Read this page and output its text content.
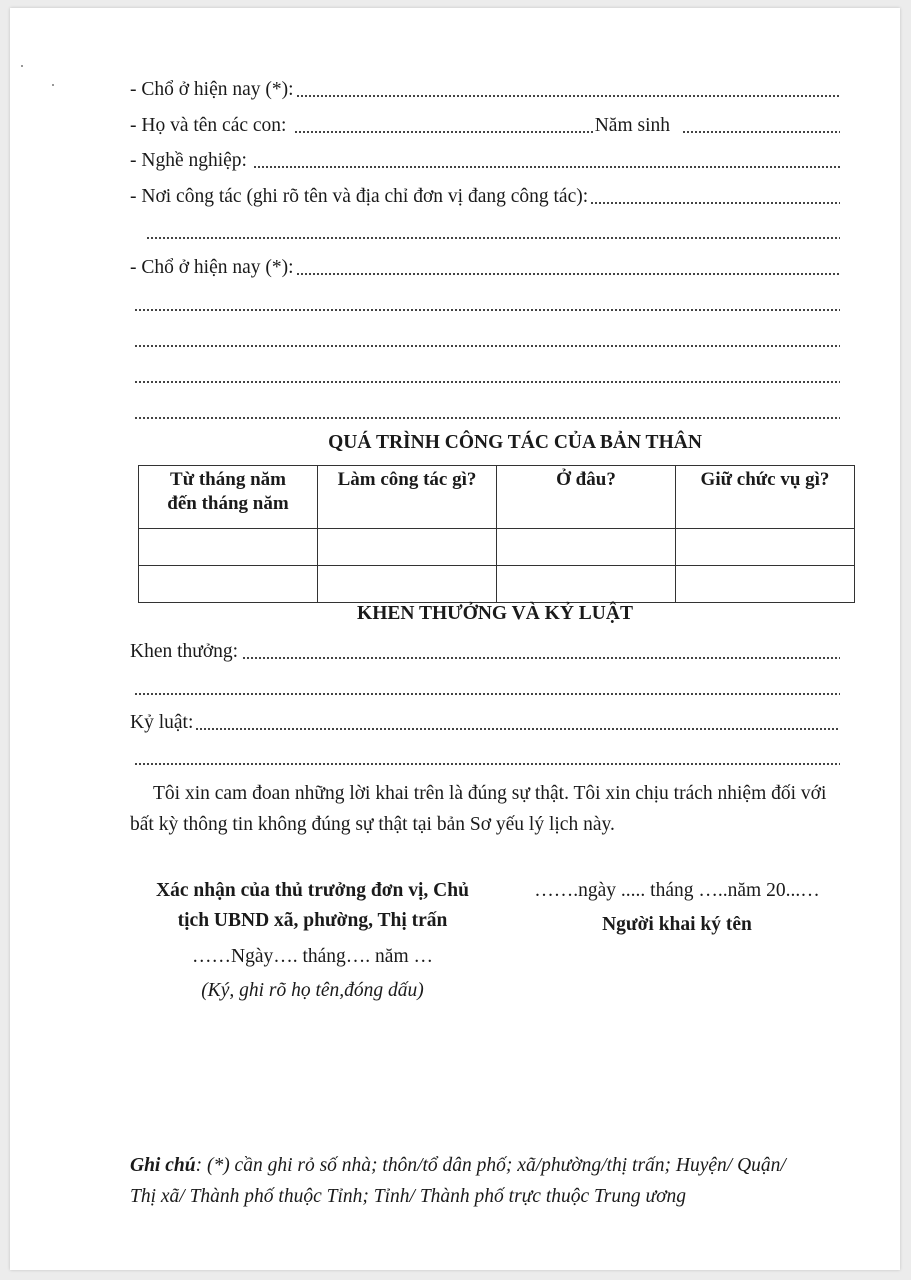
- Chổ ở hiện nay (*):
- Họ và tên các con:	Năm sinh
- Nghề nghiệp:
- Nơi công tác (ghi rõ tên và địa chỉ đơn vị đang công tác):
- Chổ ở hiện nay (*):
QUÁ TRÌNH CÔNG TÁC CỦA BẢN THÂN
Từ tháng năm
đến tháng năm	Làm công tác gì?	Ở đâu?	Giữ chức vụ gì?

KHEN THƯỞNG VÀ KỶ LUẬT
Khen thưởng:
Kỷ luật:
Tôi xin cam đoan những lời khai trên là đúng sự thật. Tôi xin chịu trách nhiệm đối với bất kỳ thông tin không đúng sự thật tại bản Sơ yếu lý lịch này.
Xác nhận của thủ trưởng đơn vị, Chủ
tịch UBND xã, phường, Thị trấn
……Ngày…. tháng…. năm …
(Ký, ghi rõ họ tên,đóng dấu)
…….ngày ..... tháng …..năm 20...…
Người khai ký tên
Ghi chú: (*) cần ghi rỏ số nhà; thôn/tổ dân phố; xã/phường/thị trấn; Huyện/ Quận/
Thị xã/ Thành phố thuộc Tỉnh; Tỉnh/ Thành phố trực thuộc Trung ương
